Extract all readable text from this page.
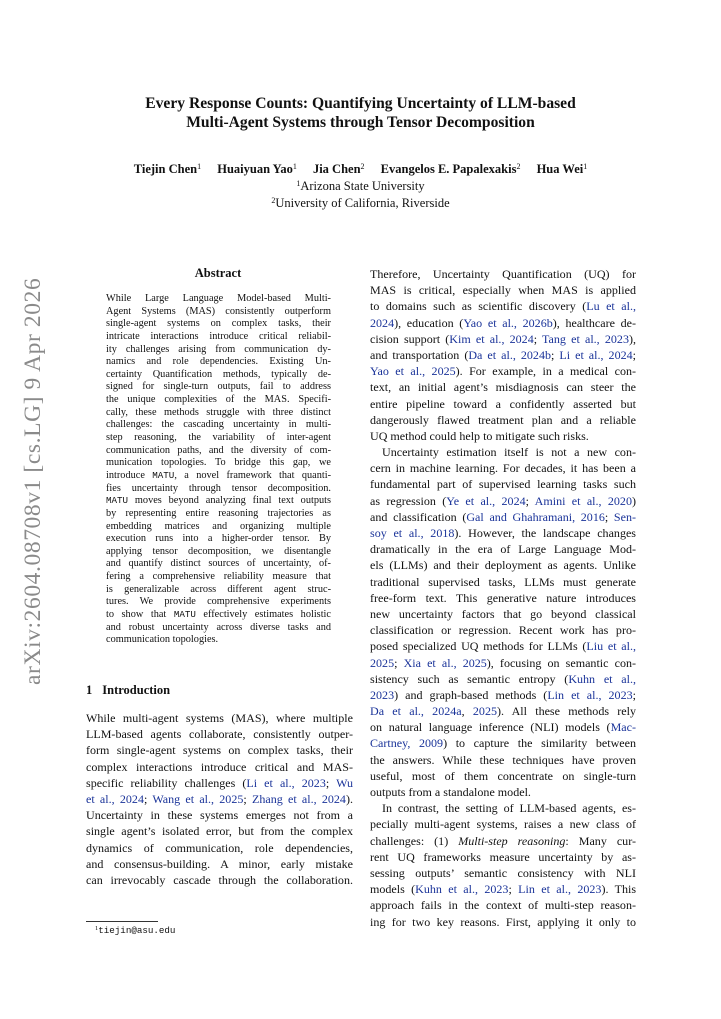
arXiv:2604.08708v1 [cs.LG] 9 Apr 2026
Every Response Counts: Quantifying Uncertainty of LLM-based
Multi-Agent Systems through Tensor Decomposition
Tiejin Chen$^1$ Huaiyuan Yao$^1$ Jia Chen$^2$ Evangelos E. Papalexakis$^2$ Hua Wei$^1$
$^1$Arizona State University
$^2$University of California, Riverside
Abstract
While Large Language Model-based Multi-
Agent Systems (MAS) consistently outperform
single-agent systems on complex tasks, their
intricate interactions introduce critical reliabil-
ity challenges arising from communication dy-
namics and role dependencies. Existing Un-
certainty Quantification methods, typically de-
signed for single-turn outputs, fail to address
the unique complexities of the MAS. Specifi-
cally, these methods struggle with three distinct
challenges: the cascading uncertainty in multi-
step reasoning, the variability of inter-agent
communication paths, and the diversity of com-
munication topologies. To bridge this gap, we
introduce MATU, a novel framework that quanti-
fies uncertainty through tensor decomposition.
MATU moves beyond analyzing final text outputs
by representing entire reasoning trajectories as
embedding matrices and organizing multiple
execution runs into a higher-order tensor. By
applying tensor decomposition, we disentangle
and quantify distinct sources of uncertainty, of-
fering a comprehensive reliability measure that
is generalizable across different agent struc-
tures. We provide comprehensive experiments
to show that MATU effectively estimates holistic
and robust uncertainty across diverse tasks and
communication topologies.
1 Introduction
While multi-agent systems (MAS), where multiple
LLM-based agents collaborate, consistently outper-
form single-agent systems on complex tasks, their
complex interactions introduce critical and MAS-
specific reliability challenges (Li et al., 2023; Wu
et al., 2024; Wang et al., 2025; Zhang et al., 2024).
Uncertainty in these systems emerges not from a
single agent’s isolated error, but from the complex
dynamics of communication, role dependencies,
and consensus-building. A minor, early mistake
can irrevocably cascade through the collaboration.
Therefore, Uncertainty Quantification (UQ) for
MAS is critical, especially when MAS is applied
to domains such as scientific discovery (Lu et al.,
2024), education (Yao et al., 2026b), healthcare de-
cision support (Kim et al., 2024; Tang et al., 2023),
and transportation (Da et al., 2024b; Li et al., 2024;
Yao et al., 2025). For example, in a medical con-
text, an initial agent’s misdiagnosis can steer the
entire pipeline toward a confidently asserted but
dangerously flawed treatment plan and a reliable
UQ method could help to mitigate such risks.
Uncertainty estimation itself is not a new con-
cern in machine learning. For decades, it has been a
fundamental part of supervised learning tasks such
as regression (Ye et al., 2024; Amini et al., 2020)
and classification (Gal and Ghahramani, 2016; Sen-
soy et al., 2018). However, the landscape changes
dramatically in the era of Large Language Mod-
els (LLMs) and their deployment as agents. Unlike
traditional supervised tasks, LLMs must generate
free-form text. This generative nature introduces
new uncertainty factors that go beyond classical
classification or regression. Recent work has pro-
posed specialized UQ methods for LLMs (Liu et al.,
2025; Xia et al., 2025), focusing on semantic con-
sistency such as semantic entropy (Kuhn et al.,
2023) and graph-based methods (Lin et al., 2023;
Da et al., 2024a, 2025). All these methods rely
on natural language inference (NLI) models (Mac-
Cartney, 2009) to capture the similarity between
the answers. While these techniques have proven
useful, most of them concentrate on single-turn
outputs from a standalone model.
In contrast, the setting of LLM-based agents, es-
pecially multi-agent systems, raises a new class of
challenges: (1) Multi-step reasoning: Many cur-
rent UQ frameworks measure uncertainty by as-
sessing outputs’ semantic consistency with NLI
models (Kuhn et al., 2023; Lin et al., 2023). This
approach fails in the context of multi-step reason-
ing for two key reasons. First, applying it only to
$^1$tiejin@asu.edu
